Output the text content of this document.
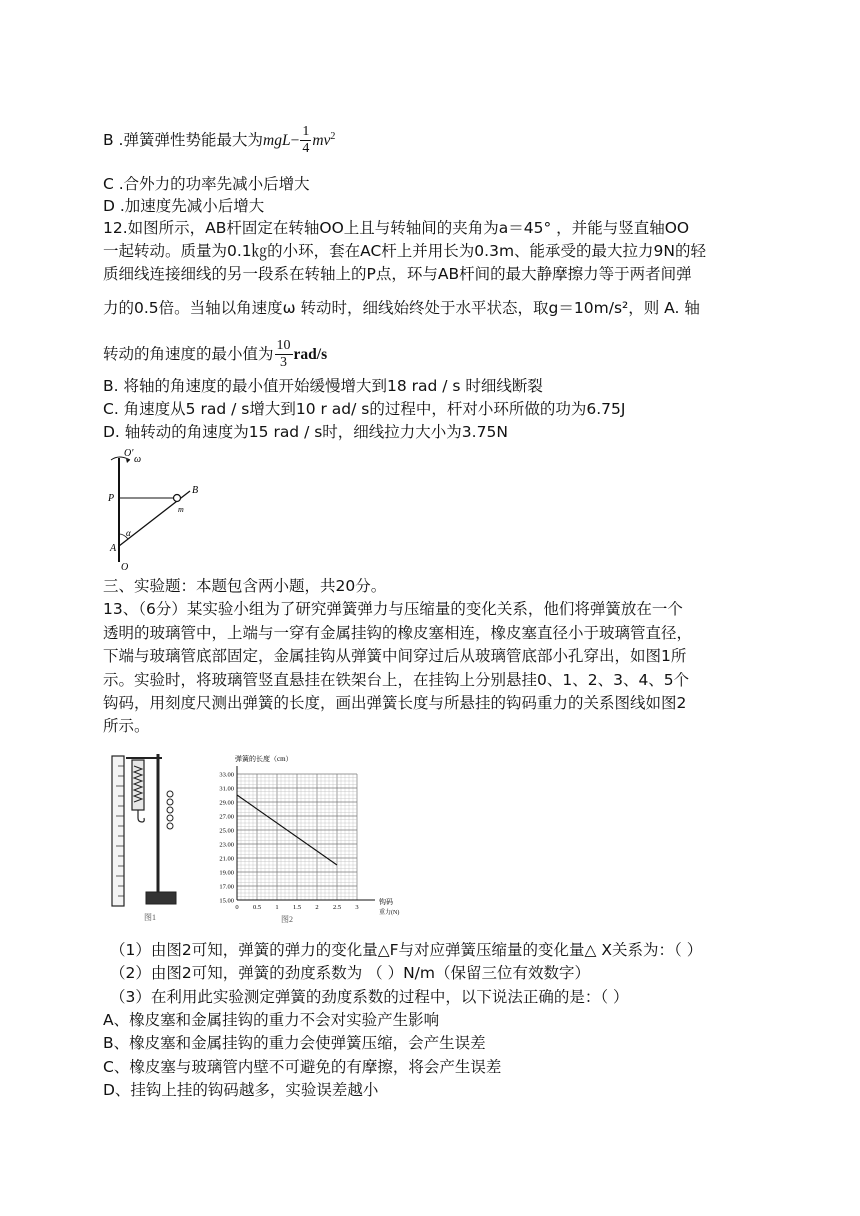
B .弹簧弹性势能最大为$mgL- \frac{1}{4} mv^2$
C .合外力的功率先减小后增大
D .加速度先减小后增大
12.如图所示，AB杆固定在转轴OO上且与转轴间的夹角为a＝45° ，并能与竖直轴OO
一起转动。质量为0.1㎏的小环，套在AC杆上并用长为0.3m、能承受的最大拉力9N的轻
质细线连接细线的另一段系在转轴上的P点，环与AB杆间的最大静摩擦力等于两者间弹
力的0.5倍。当轴以角速度ω 转动时，细线始终处于水平状态，取g＝10m/s²，则 A. 轴
转动的角速度的最小值为 $\frac{10}{3} rad/s$
B. 将轴的角速度的最小值开始缓慢增大到18 rad / s 时细线断裂
C. 角速度从5 rad / s增大到10 r ad/ s的过程中，杆对小环所做的功为6.75J
D. 轴转动的角速度为15 rad / s时，细线拉力大小为3.75N
O'
ω
P
B
m
α
A
O
三、实验题：本题包含两小题，共20分。
13、（6分）某实验小组为了研究弹簧弹力与压缩量的变化关系，他们将弹簧放在一个
透明的玻璃管中，上端与一穿有金属挂钩的橡皮塞相连，橡皮塞直径小于玻璃管直径，
下端与玻璃管底部固定，金属挂钩从弹簧中间穿过后从玻璃管底部小孔穿出，如图1所
示。实验时，将玻璃管竖直悬挂在铁架台上，在挂钩上分别悬挂0、1、2、3、4、5个
钩码，用刻度尺测出弹簧的长度，画出弹簧长度与所悬挂的钩码重力的关系图线如图2
所示。
图1
弹簧的长度（cm）
15.00
17.00
19.00
21.00
23.00
25.00
27.00
29.00
31.00
33.00
0 0.5 1 1.5 2 2.5 3
钩码
重力(N)
图2
（1）由图2可知，弹簧的弹力的变化量△F与对应弹簧压缩量的变化量△ X关系为：（ ）
（2）由图2可知，弹簧的劲度系数为 （ ）N/m（保留三位有效数字）
（3）在利用此实验测定弹簧的劲度系数的过程中，以下说法正确的是：（ ）
A、橡皮塞和金属挂钩的重力不会对实验产生影响
B、橡皮塞和金属挂钩的重力会使弹簧压缩，会产生误差
C、橡皮塞与玻璃管内壁不可避免的有摩擦，将会产生误差
D、挂钩上挂的钩码越多，实验误差越小
